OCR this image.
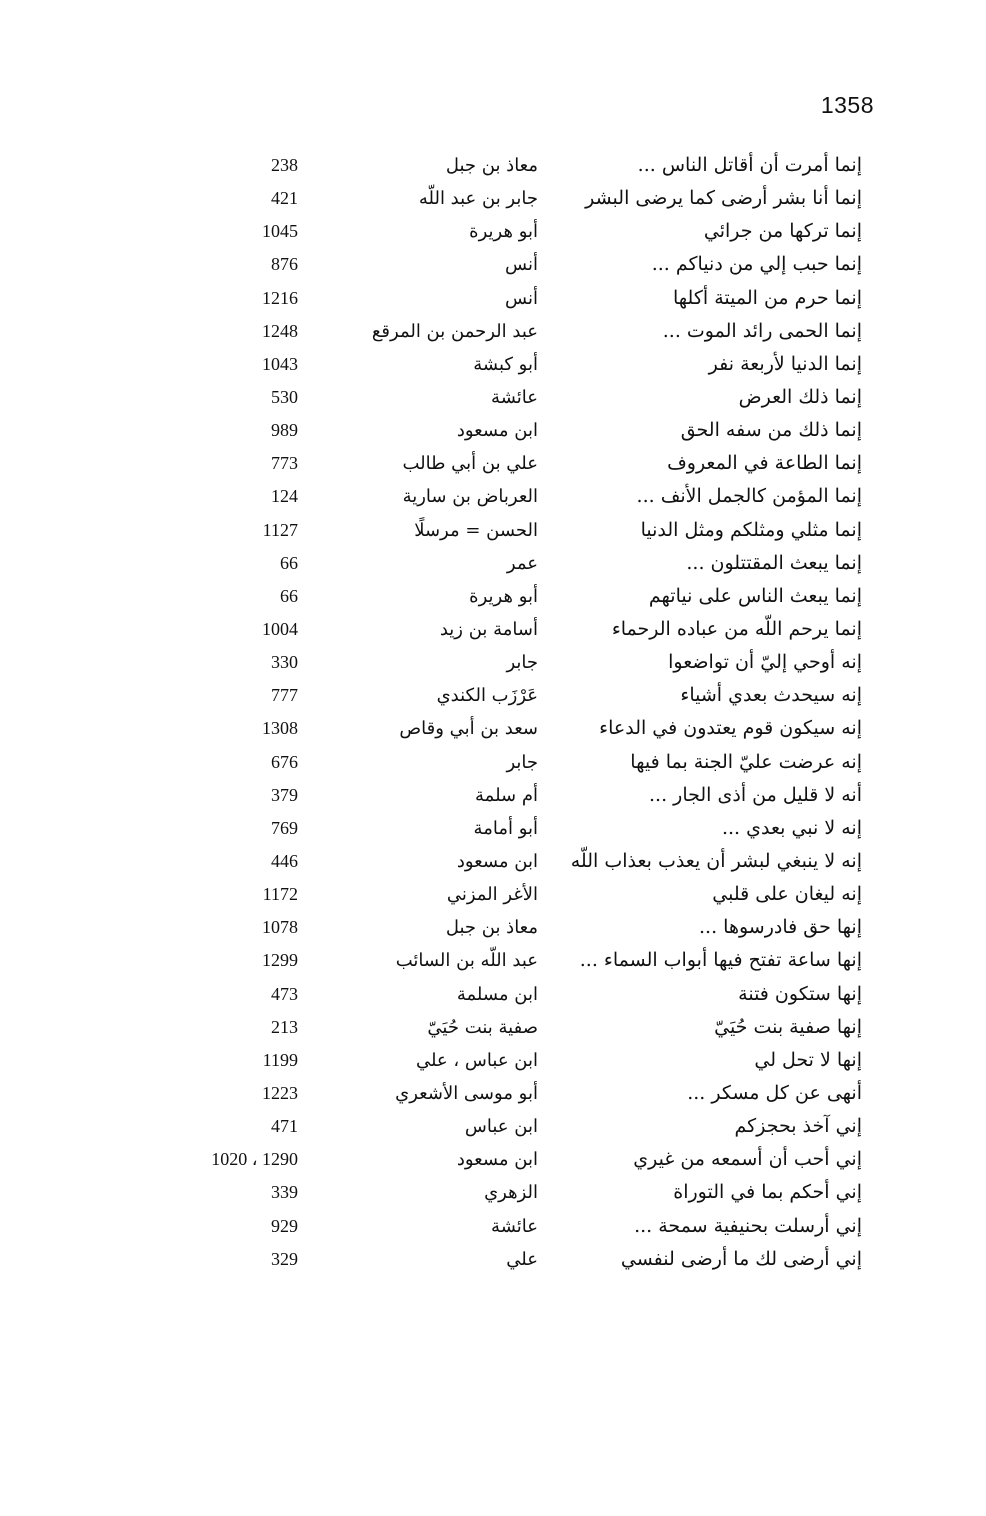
1358
إنما أمرت أن أقاتل الناس ...
معاذ بن جبل
238
إنما أنا بشر أرضى كما يرضى البشر
جابر بن عبد اللّه
421
إنما تركها من جرائي
أبو هريرة
1045
إنما حبب إلي من دنياكم ...
أنس
876
إنما حرم من الميتة أكلها
أنس
1216
إنما الحمى رائد الموت ...
عبد الرحمن بن المرقع
1248
إنما الدنيا لأربعة نفر
أبو كبشة
1043
إنما ذلك العرض
عائشة
530
إنما ذلك من سفه الحق
ابن مسعود
989
إنما الطاعة في المعروف
علي بن أبي طالب
773
إنما المؤمن كالجمل الأنف ...
العرباض بن سارية
124
إنما مثلي ومثلكم ومثل الدنيا
الحسن = مرسلًا
1127
إنما يبعث المقتتلون ...
عمر
66
إنما يبعث الناس على نياتهم
أبو هريرة
66
إنما يرحم اللّه من عباده الرحماء
أسامة بن زيد
1004
إنه أوحي إليّ أن تواضعوا
جابر
330
إنه سيحدث بعدي أشياء
عَرْزَب الكندي
777
إنه سيكون قوم يعتدون في الدعاء
سعد بن أبي وقاص
1308
إنه عرضت عليّ الجنة بما فيها
جابر
676
أنه لا قليل من أذى الجار ...
أم سلمة
379
إنه لا نبي بعدي ...
أبو أمامة
769
إنه لا ينبغي لبشر أن يعذب بعذاب اللّه
ابن مسعود
446
إنه ليغان على قلبي
الأغر المزني
1172
إنها حق فادرسوها ...
معاذ بن جبل
1078
إنها ساعة تفتح فيها أبواب السماء ...
عبد اللّه بن السائب
1299
إنها ستكون فتنة
ابن مسلمة
473
إنها صفية بنت حُيَيّ
صفية بنت حُيَيّ
213
إنها لا تحل لي
ابن عباس ، علي
1199
أنهى عن كل مسكر ...
أبو موسى الأشعري
1223
إني آخذ بحجزكم
ابن عباس
471
إني أحب أن أسمعه من غيري
ابن مسعود
1020 ، 1290
إني أحكم بما في التوراة
الزهري
339
إني أرسلت بحنيفية سمحة ...
عائشة
929
إني أرضى لك ما أرضى لنفسي
علي
329
